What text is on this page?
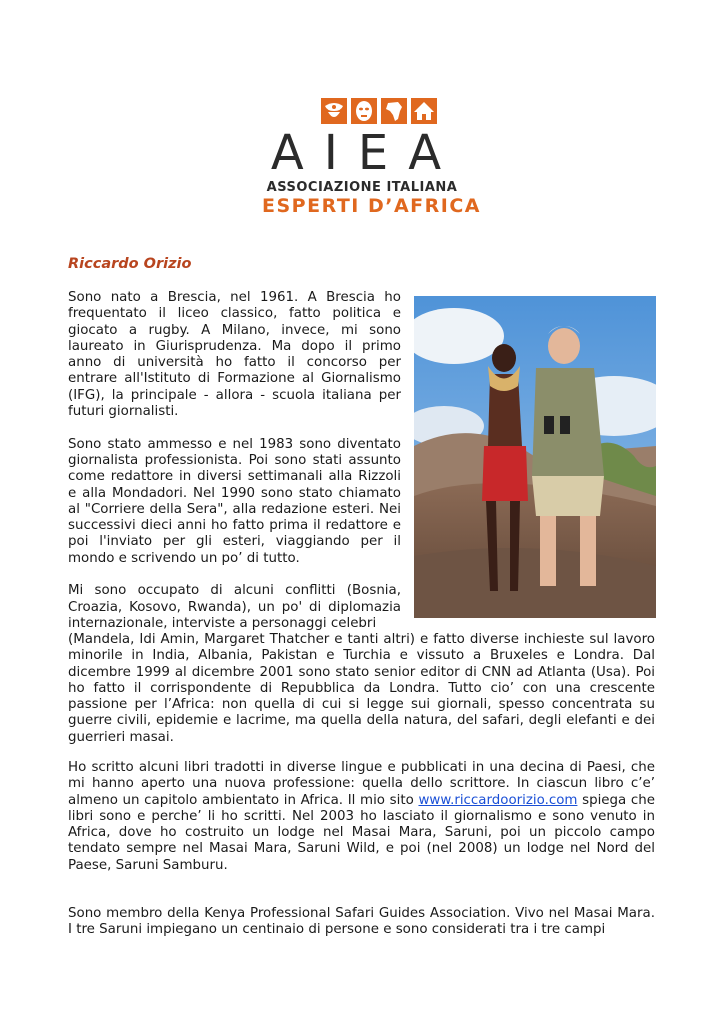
AIEA
ASSOCIAZIONE ITALIANA
ESPERTI D’AFRICA
Riccardo Orizio

Sono nato a Brescia, nel 1961. A Brescia ho frequentato il liceo classico, fatto politica e giocato a rugby. A Milano, invece, mi sono laureato in Giurisprudenza. Ma dopo il primo anno di università ho fatto il concorso per entrare all'Istituto di Formazione al Giornalismo (IFG), la principale - allora - scuola italiana per futuri giornalisti.

Sono stato ammesso e nel 1983 sono diventato giornalista professionista. Poi sono stati assunto come redattore in diversi settimanali alla Rizzoli e alla Mondadori. Nel 1990 sono stato chiamato al "Corriere della Sera", alla redazione esteri. Nei successivi dieci anni ho fatto prima il redattore e poi l'inviato per gli esteri, viaggiando per il mondo e scrivendo un po’ di tutto.

Mi sono occupato di alcuni conflitti (Bosnia, Croazia, Kosovo, Rwanda), un po' di diplomazia internazionale, interviste a personaggi celebri

(Mandela, Idi Amin, Margaret Thatcher e tanti altri) e fatto diverse inchieste sul lavoro minorile in India, Albania, Pakistan e Turchia e vissuto a Bruxeles e Londra. Dal dicembre 1999 al dicembre 2001 sono stato senior editor di CNN ad Atlanta (Usa). Poi ho fatto il corrispondente di Repubblica da Londra. Tutto cio’ con una crescente passione per l’Africa: non quella di cui si legge sui giornali, spesso concentrata su guerre civili, epidemie e lacrime, ma quella della natura, del safari, degli elefanti e dei guerrieri masai.

Ho scritto alcuni libri tradotti in diverse lingue e pubblicati in una decina di Paesi, che mi hanno aperto una nuova professione: quella dello scrittore. In ciascun libro c’e’ almeno un capitolo ambientato in Africa. Il mio sito www.riccardoorizio.com spiega che libri sono e perche’ li ho scritti. Nel 2003 ho lasciato il giornalismo e sono venuto in Africa, dove ho costruito un lodge nel Masai Mara, Saruni, poi un piccolo campo tendato sempre nel Masai Mara, Saruni Wild, e poi (nel 2008) un lodge nel Nord del Paese, Saruni Samburu.

Sono membro della Kenya Professional Safari Guides Association. Vivo nel Masai Mara. I tre Saruni impiegano un centinaio di persone e sono considerati tra i tre campi
